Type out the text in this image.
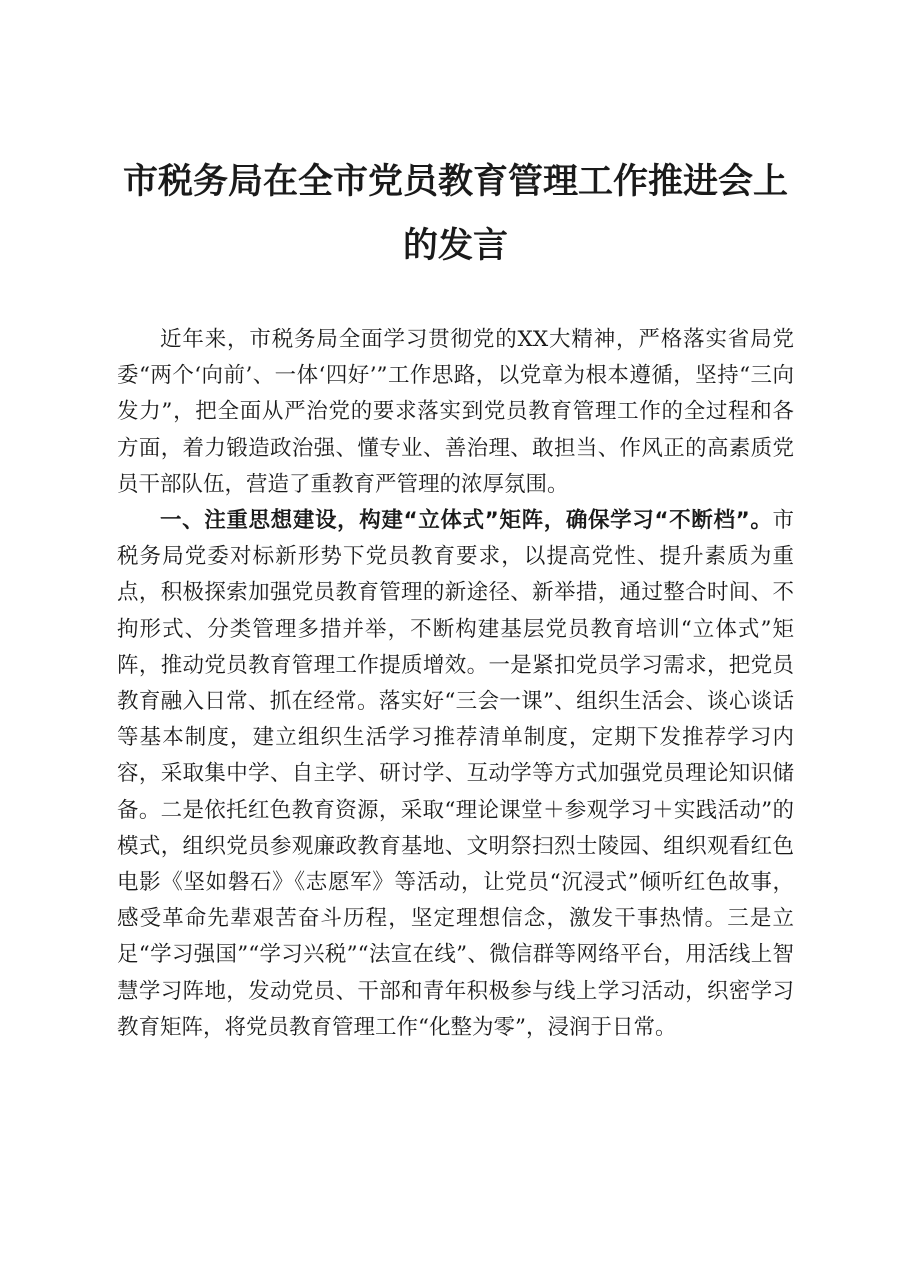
市税务局在全市党员教育管理工作推进会上的发言

近年来，市税务局全面学习贯彻党的XX大精神，严格落实省局党委“两个‘向前’、一体‘四好’”工作思路，以党章为根本遵循，坚持“三向发力”，把全面从严治党的要求落实到党员教育管理工作的全过程和各方面，着力锻造政治强、懂专业、善治理、敢担当、作风正的高素质党员干部队伍，营造了重教育严管理的浓厚氛围。

一、注重思想建设，构建“立体式”矩阵，确保学习“不断档”。市税务局党委对标新形势下党员教育要求，以提高党性、提升素质为重点，积极探索加强党员教育管理的新途径、新举措，通过整合时间、不拘形式、分类管理多措并举，不断构建基层党员教育培训“立体式”矩阵，推动党员教育管理工作提质增效。一是紧扣党员学习需求，把党员教育融入日常、抓在经常。落实好“三会一课”、组织生活会、谈心谈话等基本制度，建立组织生活学习推荐清单制度，定期下发推荐学习内容，采取集中学、自主学、研讨学、互动学等方式加强党员理论知识储备。二是依托红色教育资源，采取“理论课堂＋参观学习＋实践活动”的模式，组织党员参观廉政教育基地、文明祭扫烈士陵园、组织观看红色电影《坚如磐石》《志愿军》等活动，让党员“沉浸式”倾听红色故事，感受革命先辈艰苦奋斗历程，坚定理想信念，激发干事热情。三是立足“学习强国”“学习兴税”“法宣在线”、微信群等网络平台，用活线上智慧学习阵地，发动党员、干部和青年积极参与线上学习活动，织密学习教育矩阵，将党员教育管理工作“化整为零”，浸润于日常。
